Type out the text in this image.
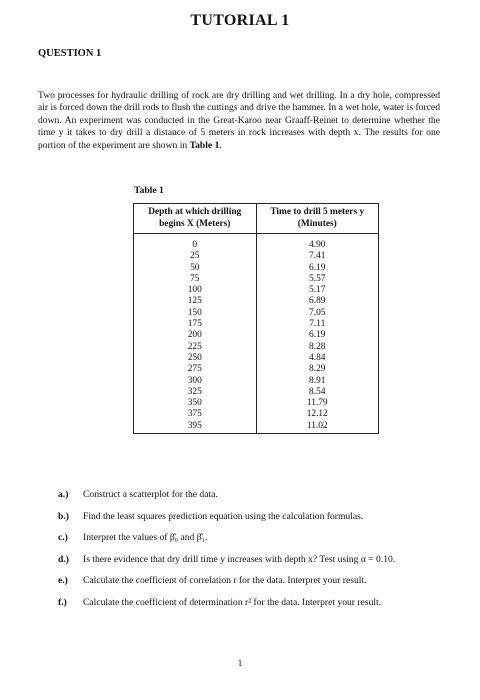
TUTORIAL 1
QUESTION 1
Two processes for hydraulic drilling of rock are dry drilling and wet drilling. In a dry hole, compressed air is forced down the drill rods to flush the cuttings and drive the hammer. In a wet hole, water is forced down. An experiment was conducted in the Great-Karoo near Graaff-Reinet to determine whether the time y it takes to dry drill a distance of 5 meters in rock increases with depth x. The results for one portion of the experiment are shown in Table 1.
Table 1
Depth at which drilling begins X (Meters)	Time to drill 5 meters y (Minutes)
0	4.90
25	7.41
50	6.19
75	5.57
100	5.17
125	6.89
150	7.05
175	7.11
200	6.19
225	8.28
250	4.84
275	8.29
300	8.91
325	8.54
350	11.79
375	12.12
395	11.02
a.) Construct a scatterplot for the data.
b.) Find the least squares prediction equation using the calculation formulas.
c.) Interpret the values of β̂₀ and β̂₁.
d.) Is there evidence that dry drill time y increases with depth x? Test using α = 0.10.
e.) Calculate the coefficient of correlation r for the data. Interpret your result.
f.) Calculate the coefficient of determination r² for the data. Interpret your result.
1
